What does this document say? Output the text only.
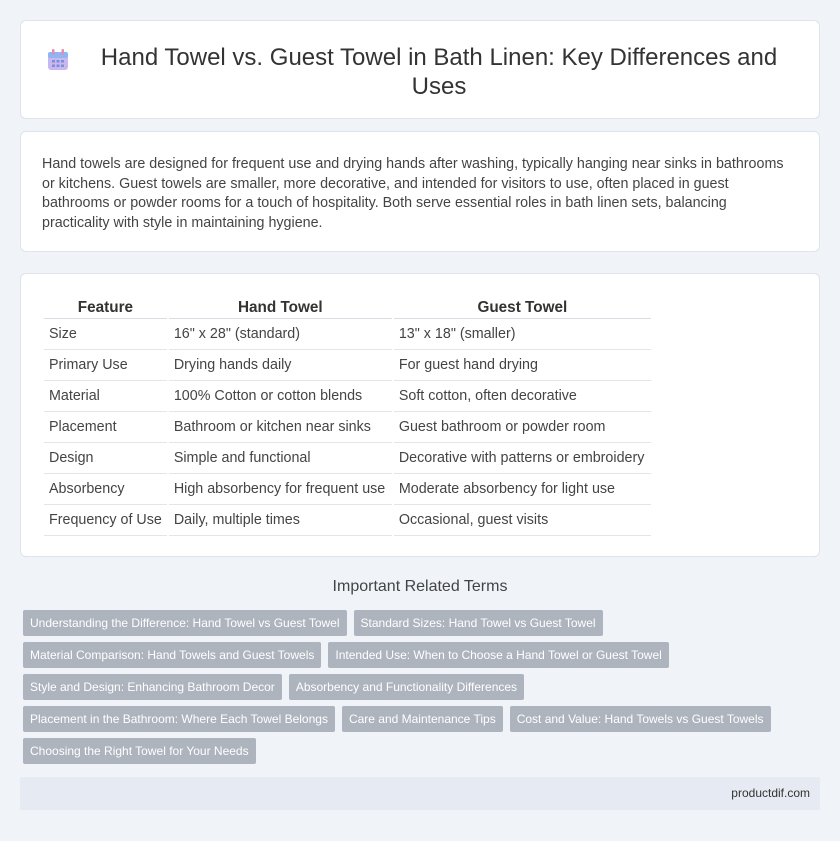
Hand Towel vs. Guest Towel in Bath Linen: Key Differences and Uses

Hand towels are designed for frequent use and drying hands after washing, typically hanging near sinks in bathrooms or kitchens. Guest towels are smaller, more decorative, and intended for visitors to use, often placed in guest bathrooms or powder rooms for a touch of hospitality. Both serve essential roles in bath linen sets, balancing practicality with style in maintaining hygiene.

Feature	Hand Towel	Guest Towel
Size	16" x 28" (standard)	13" x 18" (smaller)
Primary Use	Drying hands daily	For guest hand drying
Material	100% Cotton or cotton blends	Soft cotton, often decorative
Placement	Bathroom or kitchen near sinks	Guest bathroom or powder room
Design	Simple and functional	Decorative with patterns or embroidery
Absorbency	High absorbency for frequent use	Moderate absorbency for light use
Frequency of Use	Daily, multiple times	Occasional, guest visits
Important Related Terms
Understanding the Difference: Hand Towel vs Guest Towel	Standard Sizes: Hand Towel vs Guest Towel
Material Comparison: Hand Towels and Guest Towels	Intended Use: When to Choose a Hand Towel or Guest Towel
Style and Design: Enhancing Bathroom Decor	Absorbency and Functionality Differences
Placement in the Bathroom: Where Each Towel Belongs	Care and Maintenance Tips	Cost and Value: Hand Towels vs Guest Towels
Choosing the Right Towel for Your Needs
productdif.com
